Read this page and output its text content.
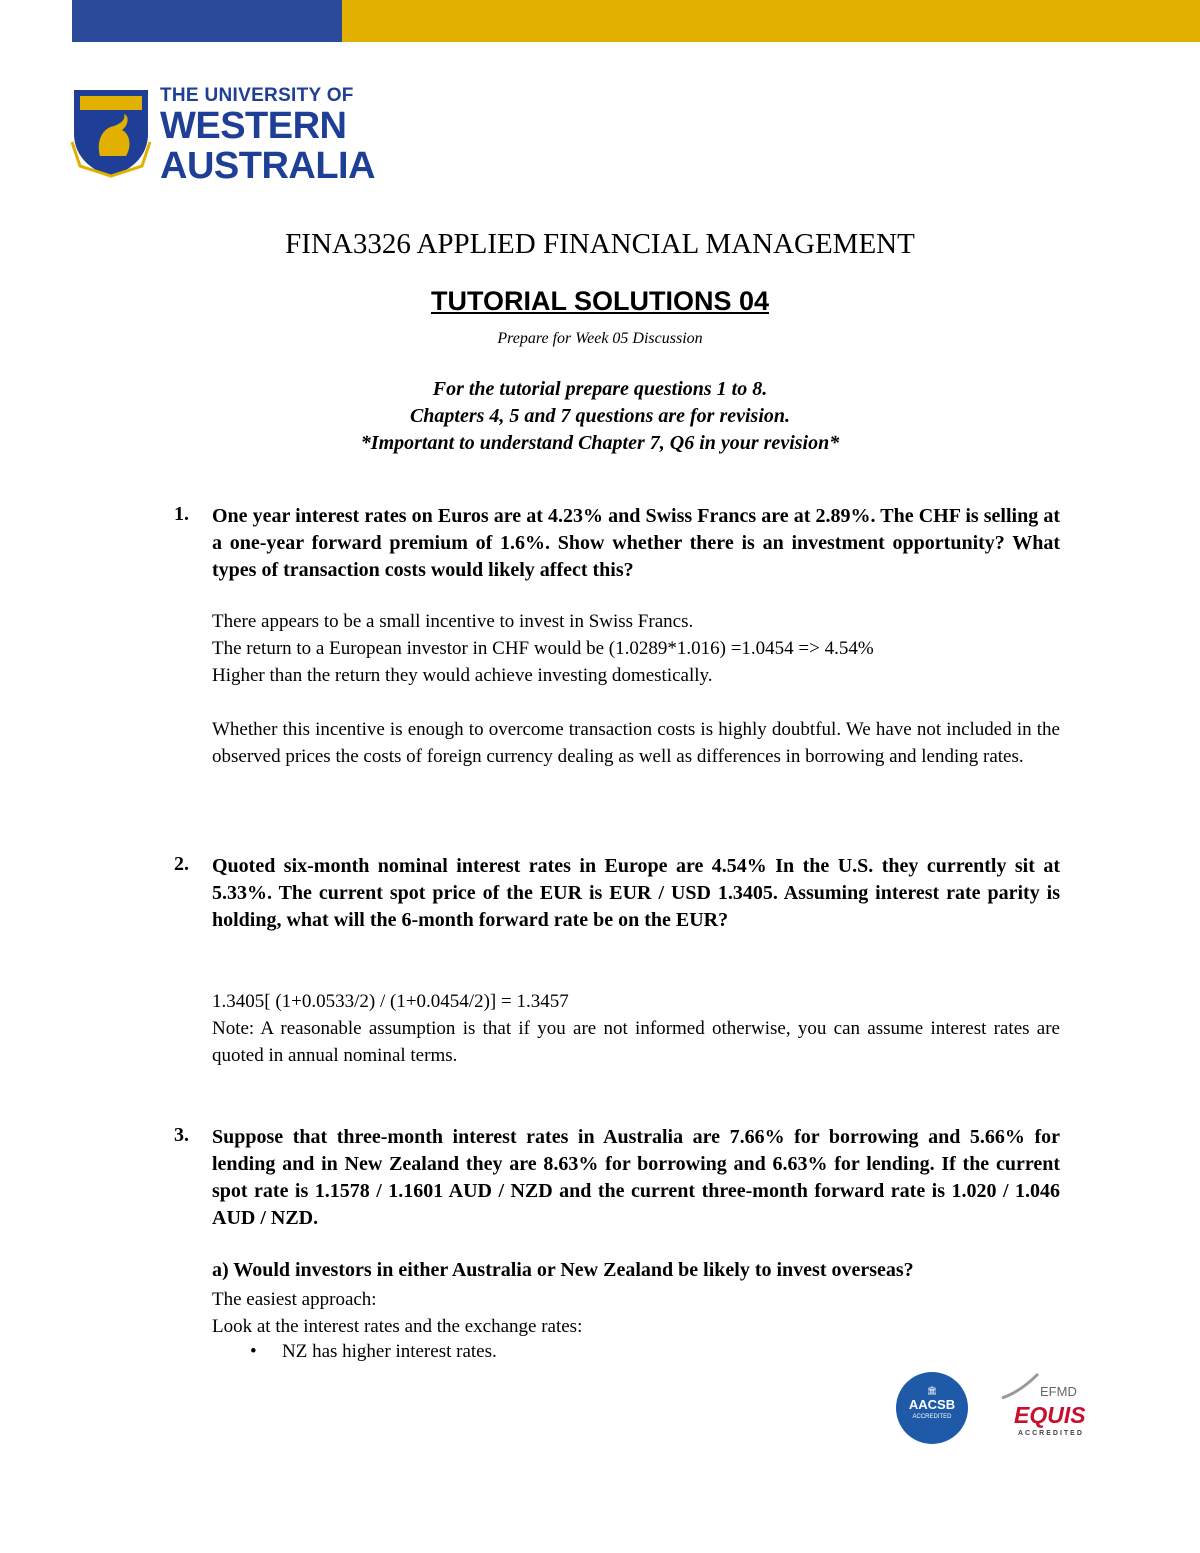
THE UNIVERSITY OF
WESTERN
AUSTRALIA
FINA3326 APPLIED FINANCIAL MANAGEMENT
TUTORIAL SOLUTIONS 04
Prepare for Week 05 Discussion
For the tutorial prepare questions 1 to 8.
Chapters 4, 5 and 7 questions are for revision.
*Important to understand Chapter 7, Q6 in your revision*
1. One year interest rates on Euros are at 4.23% and Swiss Francs are at 2.89%. The CHF is selling at a one-year forward premium of 1.6%. Show whether there is an investment opportunity? What types of transaction costs would likely affect this?
There appears to be a small incentive to invest in Swiss Francs.
The return to a European investor in CHF would be (1.0289*1.016) =1.0454 => 4.54%
Higher than the return they would achieve investing domestically.
Whether this incentive is enough to overcome transaction costs is highly doubtful. We have not included in the observed prices the costs of foreign currency dealing as well as differences in borrowing and lending rates.
2. Quoted six-month nominal interest rates in Europe are 4.54% In the U.S. they currently sit at 5.33%. The current spot price of the EUR is EUR / USD 1.3405. Assuming interest rate parity is holding, what will the 6-month forward rate be on the EUR?
1.3405[ (1+0.0533/2) / (1+0.0454/2)] = 1.3457
Note: A reasonable assumption is that if you are not informed otherwise, you can assume interest rates are quoted in annual nominal terms.
3. Suppose that three-month interest rates in Australia are 7.66% for borrowing and 5.66% for lending and in New Zealand they are 8.63% for borrowing and 6.63% for lending. If the current spot rate is 1.1578 / 1.1601 AUD / NZD and the current three-month forward rate is 1.020 / 1.046 AUD / NZD.
a) Would investors in either Australia or New Zealand be likely to invest overseas?
The easiest approach:
Look at the interest rates and the exchange rates:
• NZ has higher interest rates.
🏛
AACSB
ACCREDITED
EFMD
EQUIS
ACCREDITED
